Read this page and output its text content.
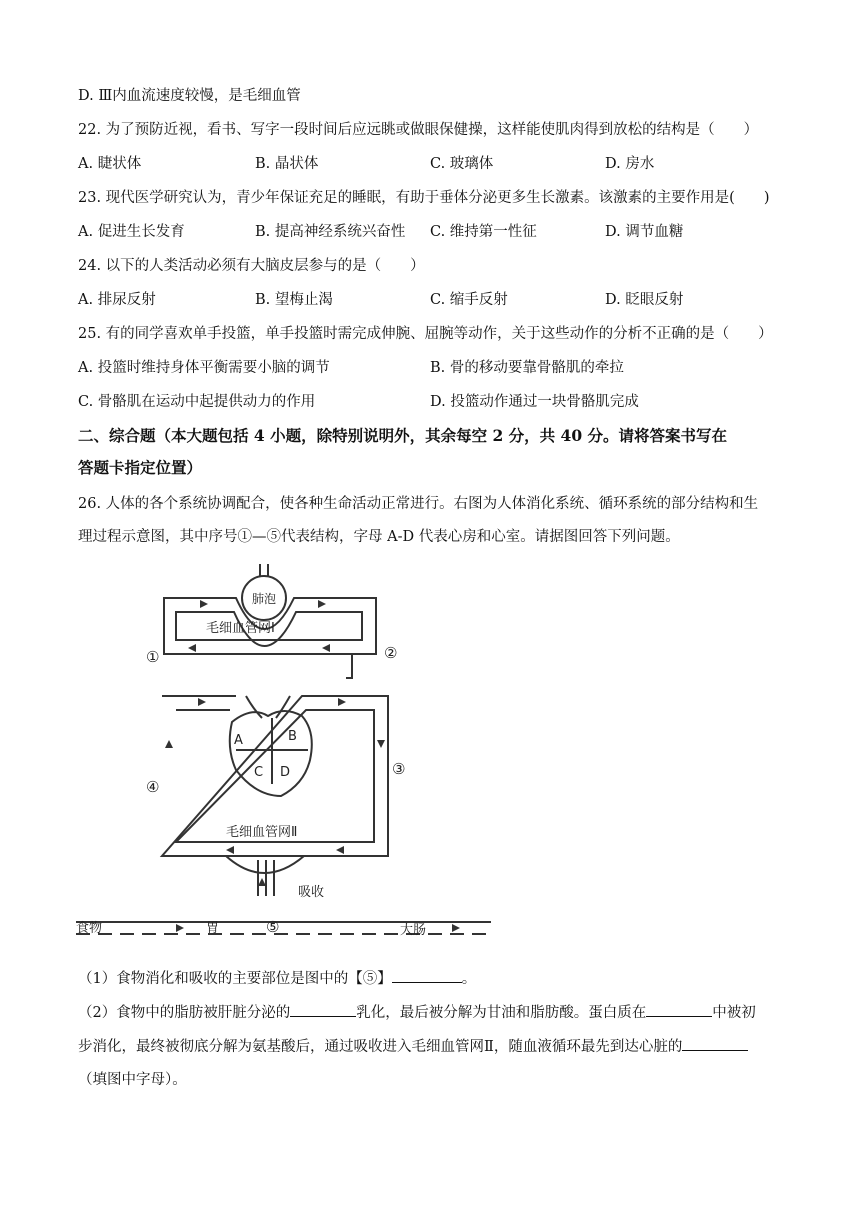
D. Ⅲ内血流速度较慢，是毛细血管
22. 为了预防近视，看书、写字一段时间后应远眺或做眼保健操，这样能使肌肉得到放松的结构是（　　）
A. 睫状体	B. 晶状体	C. 玻璃体	D. 房水
23. 现代医学研究认为，青少年保证充足的睡眠，有助于垂体分泌更多生长激素。该激素的主要作用是(　　)
A. 促进生长发育	B. 提高神经系统兴奋性 C. 维持第一性征	D. 调节血糖
24. 以下的人类活动必须有大脑皮层参与的是（　　）
A. 排尿反射	B. 望梅止渴	C. 缩手反射	D. 眨眼反射
25. 有的同学喜欢单手投篮，单手投篮时需完成伸腕、屈腕等动作，关于这些动作的分析不正确的是（　　）
A. 投篮时维持身体平衡需要小脑的调节	B. 骨的移动要靠骨骼肌的牵拉
C. 骨骼肌在运动中起提供动力的作用	D. 投篮动作通过一块骨骼肌完成
二、综合题（本大题包括 4 小题，除特别说明外，其余每空 2 分，共 40 分。请将答案书写在
答题卡指定位置）
26. 人体的各个系统协调配合，使各种生命活动正常进行。右图为人体消化系统、循环系统的部分结构和生
理过程示意图，其中序号①—⑤代表结构，字母 A-D 代表心房和心室。请据图回答下列问题。
肺泡
毛细血管网Ⅰ
毛细血管网Ⅱ
吸收
食物	胃	大肠
①	②
③
④
⑤
A	B
C D
（1）食物消化和吸收的主要部位是图中的【⑤】	。
（2）食物中的脂肪被肝脏分泌的	乳化，最后被分解为甘油和脂肪酸。蛋白质在	中被初
步消化，最终被彻底分解为氨基酸后，通过吸收进入毛细血管网Ⅱ，随血液循环最先到达心脏的
（填图中字母）。
